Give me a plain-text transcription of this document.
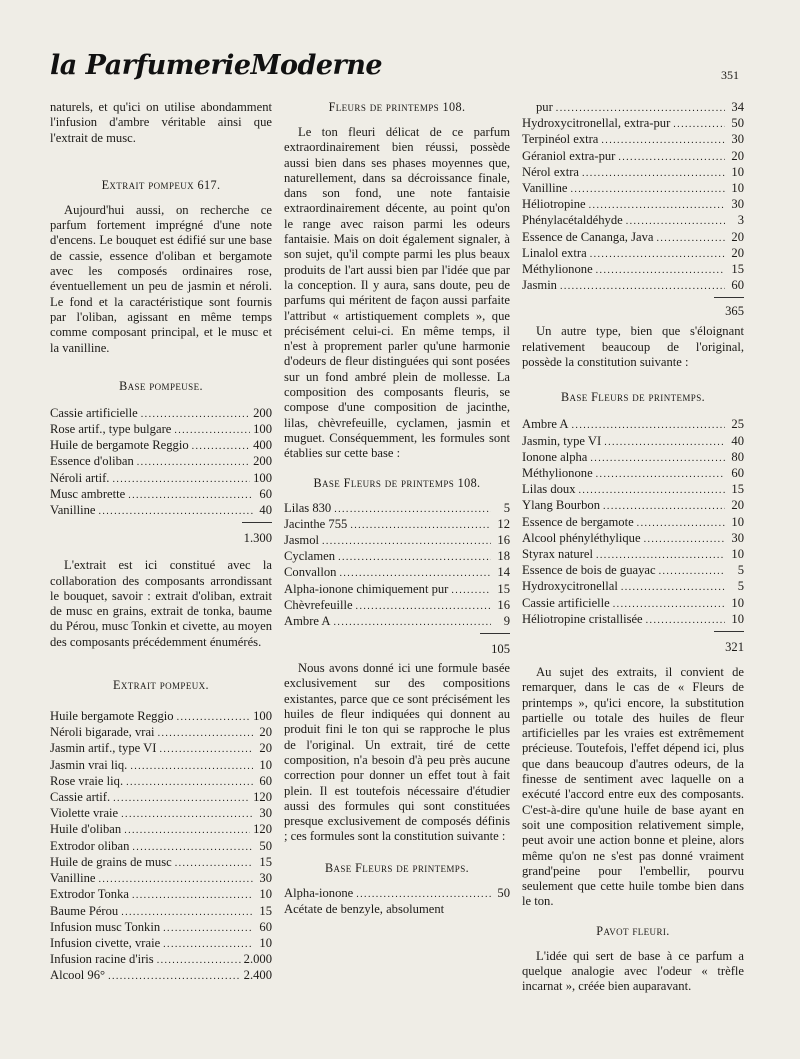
la ParfumerieModerne	351

naturels, et qu'ici on utilise abondamment l'infusion d'ambre véritable ainsi que l'extrait de musc.

Extrait pompeux 617.

Aujourd'hui aussi, on recherche ce parfum fortement imprégné d'une note d'encens. Le bouquet est édifié sur une base de cassie, essence d'oliban et bergamote avec les composés ordinaires rose, éventuellement un peu de jasmin et néroli. Le fond et la caractéristique sont fournis par l'oliban, agissant en même temps comme composant principal, et le musc et la vanilline.

Base pompeuse.
Cassie artificielle .....	200
Rose artif., type bulgare .....	100
Huile de bergamote Reggio .....	400
Essence d'oliban .....	200
Néroli artif. .....	100
Musc ambrette .....	60
Vanilline .....	40
1.300

L'extrait est ici constitué avec la collaboration des composants arrondissant le bouquet, savoir : extrait d'oliban, extrait de musc en grains, extrait de tonka, baume du Pérou, musc Tonkin et civette, au moyen des composants précédemment énumérés.

Extrait pompeux.
Huile bergamote Reggio .....	100
Néroli bigarade, vrai .....	20
Jasmin artif., type VI .....	20
Jasmin vrai liq. .....	10
Rose vraie liq. .....	60
Cassie artif. .....	120
Violette vraie .....	30
Huile d'oliban .....	120
Extrodor oliban .....	50
Huile de grains de musc .....	15
Vanilline .....	30
Extrodor Tonka .....	10
Baume Pérou .....	15
Infusion musc Tonkin .....	60
Infusion civette, vraie .....	10
Infusion racine d'iris .....	2.000
Alcool 96° .....	2.400
Fleurs de printemps 108.

Le ton fleuri délicat de ce parfum extraordinairement bien réussi, possède aussi bien dans ses phases moyennes que, naturellement, dans sa décroissance finale, dans son fond, une note fantaisie extraordinairement décente, au point qu'on le range avec raison parmi les odeurs fantaisie. Mais on doit également signaler, à son sujet, qu'il compte parmi les plus beaux produits de l'art aussi bien par l'idée que par la conception. Il y aura, sans doute, peu de parfums qui méritent de façon aussi parfaite l'attribut « artistiquement complets », que précisément celui-ci. En même temps, il n'est à proprement parler qu'une harmonie d'odeurs de fleur distinguées qui sont posées sur un fond ambré plein de mollesse. La composition des composants fleuris, se compose d'une composition de jacinthe, lilas, chèvrefeuille, cyclamen, jasmin et muguet. Conséquemment, les formules sont établies sur cette base :

Base Fleurs de printemps 108.
Lilas 830 .....	5
Jacinthe 755 .....	12
Jasmol .....	16
Cyclamen .....	18
Convallon .....	14
Alpha-ionone chimiquement pur .....	15
Chèvrefeuille .....	16
Ambre A .....	9
105

Nous avons donné ici une formule basée exclusivement sur des compositions existantes, parce que ce sont précisément les huiles de fleur indiquées qui donnent au produit fini le ton qui se rapproche le plus de l'original. Un extrait, tiré de cette composition, n'a besoin d'à peu près aucune correction pour donner un effet tout à fait plein. Il est toutefois nécessaire d'étudier aussi des formules qui sont constituées presque exclusivement de composés définis ; ces formules sont la constitution suivante :

Base Fleurs de printemps.
Alpha-ionone .....	50
Acétate de benzyle, absolument
pur .....	34
Hydroxycitronellal, extra-pur .....	50
Terpinéol extra .....	30
Géraniol extra-pur .....	20
Nérol extra .....	10
Vanilline .....	10
Héliotropine .....	30
Phénylacétaldéhyde .....	3
Essence de Cananga, Java .....	20
Linalol extra .....	20
Méthylionone .....	15
Jasmin .....	60
365

Un autre type, bien que s'éloignant relativement beaucoup de l'original, possède la constitution suivante :

Base Fleurs de printemps.
Ambre A .....	25
Jasmin, type VI .....	40
Ionone alpha .....	80
Méthylionone .....	60
Lilas doux .....	15
Ylang Bourbon .....	20
Essence de bergamote .....	10
Alcool phényléthylique .....	30
Styrax naturel .....	10
Essence de bois de guayac .....	5
Hydroxycitronellal .....	5
Cassie artificielle .....	10
Héliotropine cristallisée .....	10
321

Au sujet des extraits, il convient de remarquer, dans le cas de « Fleurs de printemps », qu'ici encore, la substitution partielle ou totale des huiles de fleur artificielles par les vraies est extrêmement précieuse. Toutefois, l'effet dépend ici, plus que dans beaucoup d'autres odeurs, de la finesse de sentiment avec laquelle on a exécuté l'accord entre eux des composants. C'est-à-dire qu'une huile de base ayant en soit une composition relativement simple, peut avoir une action bonne et pleine, alors même qu'on ne s'est pas donné vraiment grand'peine pour l'embellir, pourvu seulement que cette huile tombe bien dans le ton.

Pavot fleuri.

L'idée qui sert de base à ce parfum a quelque analogie avec l'odeur « trèfle incarnat », créée bien auparavant.
